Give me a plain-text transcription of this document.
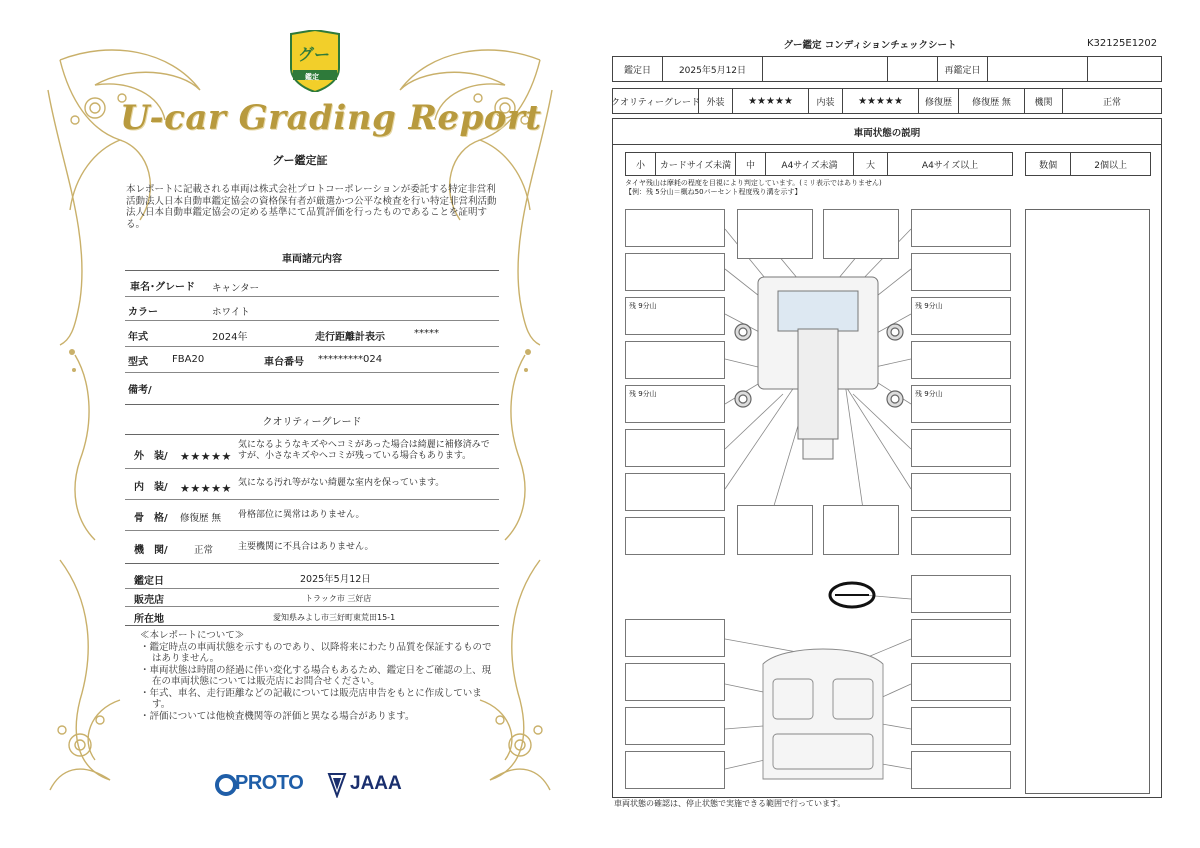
グー
鑑定
U-car Grading Report
グー鑑定証
本レポートに記載される車両は株式会社プロトコーポレーションが委託する特定非営利活動法人日本自動車鑑定協会の資格保有者が厳選かつ公平な検査を行い特定非営利活動法人日本自動車鑑定協会の定める基準にて品質評価を行ったものであることを証明する。
車両諸元内容
車名･グレード キャンター
カラー	ホワイト
年式	2024年	走行距離計表示	*****
型式 FBA20	車台番号 *********024
備考/
クオリティーグレード
外　装/ ★★★★★
気になるようなキズやヘコミがあった場合は綺麗に補修済みですが、小さなキズやヘコミが残っている場合もあります。
内　装/ ★★★★★ 気になる汚れ等がない綺麗な室内を保っています。
骨　格/ 修復歴 無 骨格部位に異常はありません。
機　関/	正常	主要機関に不具合はありません。
鑑定日	2025年5月12日
販売店	トラック市 三好店
所在地	愛知県みよし市三好町東荒田15-1
≪本レポートについて≫
・鑑定時点の車両状態を示すものであり、以降将来にわたり品質を保証するものではありません。
・車両状態は時間の経過に伴い変化する場合もあるため、鑑定日をご確認の上、現在の車両状態については販売店にお問合せください。
・年式、車名、走行距離などの記載については販売店申告をもとに作成しています。
・評価については他検査機関等の評価と異なる場合があります。
PROTO JAAA
グー鑑定 コンディションチェックシート	K32125E1202
鑑定日	2025年5月12日	再鑑定日
クオリティーグレード 外装	★★★★★	内装	★★★★★	修復歴	修復歴 無	機関	正常
車両状態の説明
小	カードサイズ未満	中	A4サイズ未満	大	A4サイズ以上	数個	2個以上
タイヤ残山は摩耗の程度を目視により判定しています。(ミリ表示ではありません)
【例：残 5分山＝概ね50パーセント程度残り溝を示す】
残 9分山	残 9分山
残 9分山	残 9分山
車両状態の確認は、停止状態で実施できる範囲で行っています。
